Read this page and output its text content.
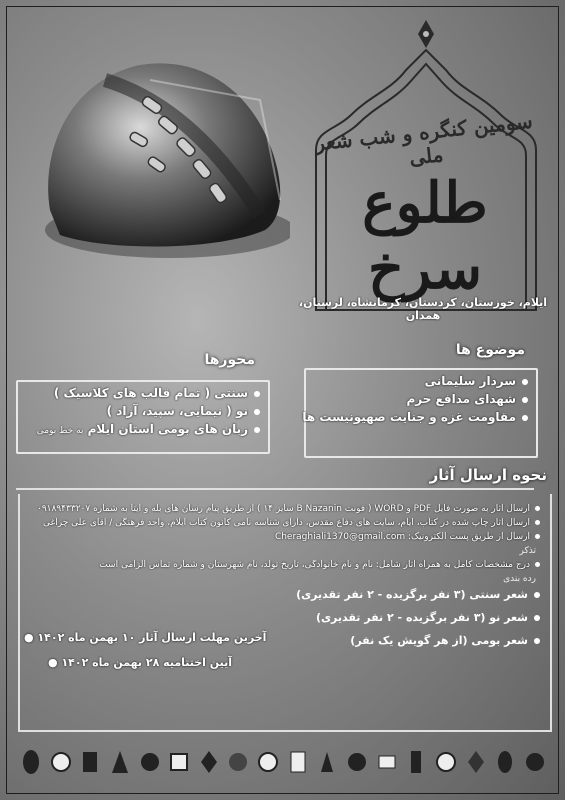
سومین کنگره و شب شعر ملی
طلوع سرخ
ایلام، خوزستان، کردستان، کرمانشاه، لرستان، همدان
موضوع ها
سردار سلیمانی
شهدای مدافع حرم
مقاومت غزه و جنایت صهیونیست ها
محورها
سنتی ( تمام قالب های کلاسیک )
نو ( نیمایی، سپید، آزاد )
زبان های بومی استان ایلام به خط بومی
نحوه ارسال آثار
ارسال آثار به صورت فایل PDF و WORD ( فونت B Nazanin سایز ۱۴ ) از طریق پیام رسان های بله و ایتا به شماره ۰۹۱۸۹۴۳۳۲۰۷
ارسال آثار چاپ شده در کتاب، ایام، سایت های دفاع مقدس، دارای شناسه نامی کانون کتاب ایلام، واحد فرهنگی / آقای علی چراغی
ارسال از طریق پست الکترونیک: Cheraghiali1370@gmail.com
تذکر
درج مشخصات کامل به همراه آثار شامل: نام و نام خانوادگی، تاریخ تولد، نام شهرستان و شماره تماس الزامی است
رده بندی
شعر سنتی (۳ نفر برگزیده - ۲ نفر تقدیری)
شعر نو (۳ نفر برگزیده - ۲ نفر تقدیری)
شعر بومی (از هر گویش یک نفر)
آخرین مهلت ارسال آثار ۱۰ بهمن ماه ۱۴۰۲ ●
آیین اختتامیه ۲۸ بهمن ماه ۱۴۰۲ ●
